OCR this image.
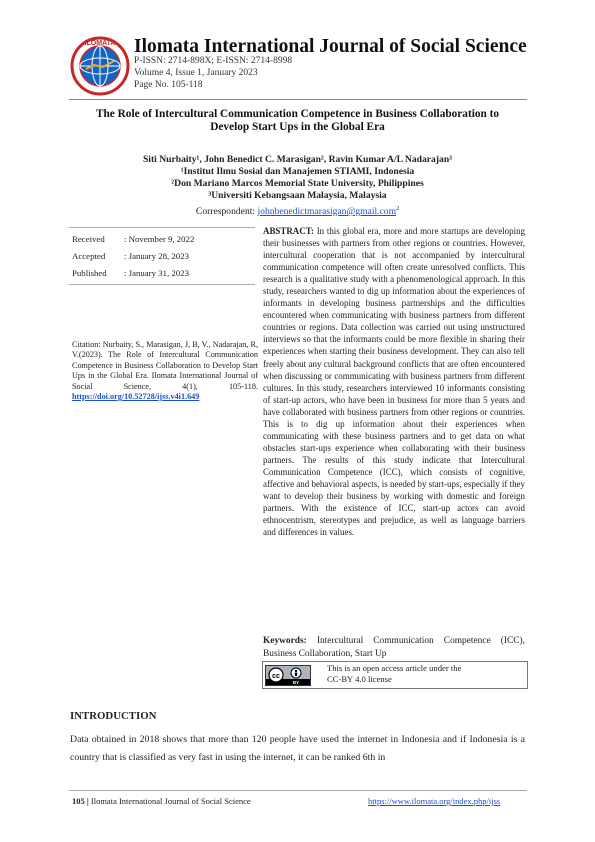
ILOMATA Ilomata International Journal of Social Science
P-ISSN: 2714-898X; E-ISSN: 2714-8998
Volume 4, Issue 1, January 2023
Page No. 105-118
The Role of Intercultural Communication Competence in Business Collaboration to
Develop Start Ups in the Global Era
Siti Nurbaity¹, John Benedict C. Marasigan², Ravin Kumar A/L Nadarajan³
¹Institut Ilmu Sosial dan Manajemen STIAMI, Indonesia
²Don Mariano Marcos Memorial State University, Philippines
³Universiti Kebangsaan Malaysia, Malaysia
Correspondent: johnbenedictmarasigan@gmail.com$^2$
Received : November 9, 2022
Accepted : January 28, 2023
Published : January 31, 2023
Citation: Nurbaity, S., Marasigan, J, B, V., Nadarajan, R, V.(2023). The Role of Intercultural Communication Competence in Business Collaboration to Develop Start Ups in the Global Era. Ilomata International Journal of Social Science, 4(1), 105-118. https://doi.org/10.52728/ijss.v4i1.649
ABSTRACT: In this global era, more and more startups are developing their businesses with partners from other regions or countries. However, intercultural cooperation that is not accompanied by intercultural communication competence will often create unresolved conflicts. This research is a qualitative study with a phenomenological approach. In this study, researchers wanted to dig up information about the experiences of informants in developing business partnerships and the difficulties encountered when communicating with business partners from different countries or regions. Data collection was carried out using unstructured interviews so that the informants could be more flexible in sharing their experiences when starting their business development. They can also tell freely about any cultural background conflicts that are often encountered when discussing or communicating with business partners from different cultures. In this study, researchers interviewed 10 informants consisting of start-up actors, who have been in business for more than 5 years and have collaborated with business partners from other regions or countries. This is to dig up information about their experiences when communicating with these business partners and to get data on what obstacles start-ups experience when collaborating with their business partners. The results of this study indicate that Intercultural Communication Competence (ICC), which consists of cognitive, affective and behavioral aspects, is needed by start-ups, especially if they want to develop their business by working with domestic and foreign partners. With the existence of ICC, start-up actors can avoid ethnocentrism, stereotypes and prejudice, as well as language barriers and differences in values.
Keywords: Intercultural Communication Competence (ICC), Business Collaboration, Start Up
cc
BY
This is an open access article under the
CC-BY 4.0 license
INTRODUCTION
Data obtained in 2018 shows that more than 120 people have used the internet in Indonesia and if Indonesia is a country that is classified as very fast in using the internet, it can be ranked 6th in
105 | Ilomata International Journal of Social Science	https://www.ilomata.org/index.php/ijss
